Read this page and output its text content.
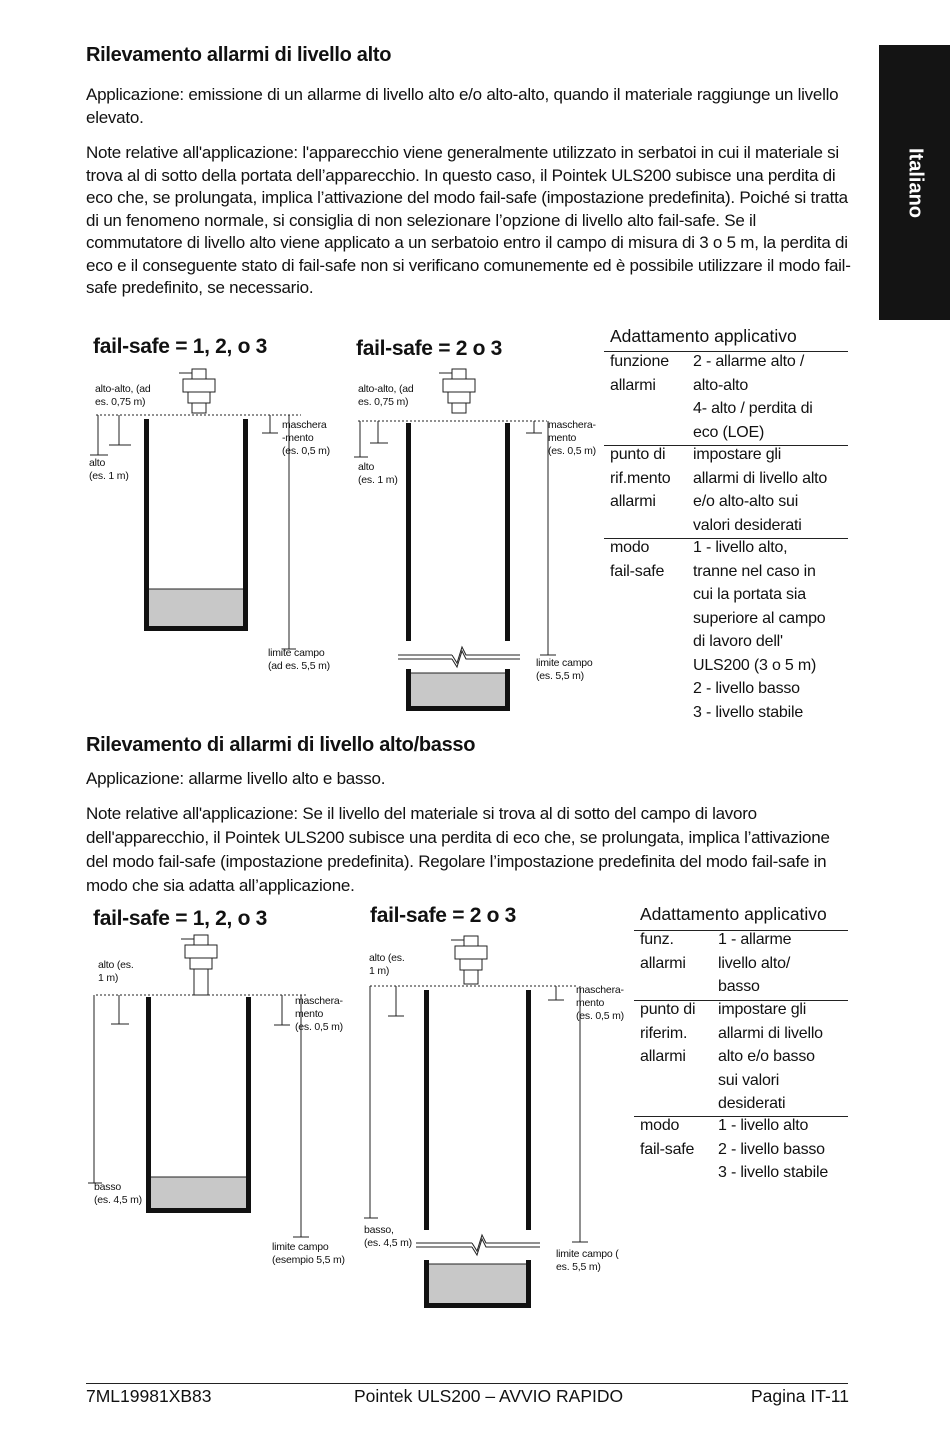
Italiano
Rilevamento allarmi di livello alto
Applicazione: emissione di un allarme di livello alto e/o alto-alto, quando il materiale raggiunge un livello elevato.
Note relative all'applicazione: l'apparecchio viene generalmente utilizzato in serbatoi in cui il materiale si trova al di sotto della portata dell’apparecchio. In questo caso, il Pointek ULS200 subisce una perdita di eco che, se prolungata, implica l’attivazione del modo fail-safe (impostazione predefinita). Poiché si tratta di un fenomeno normale, si consiglia di non selezionare l’opzione di livello alto fail-safe. Se il commutatore di livello alto viene applicato a un serbatoio entro il campo di misura di 3 o 5 m, la perdita di eco e il conseguente stato di fail-safe non si verificano comunemente ed è possibile utilizzare il modo fail-safe predefinito, se necessario.
fail-safe = 1, 2, o 3
alto-alto, (ad
es. 0,75 m)
alto
(es. 1 m)
maschera
-mento
(es. 0,5 m)
limite campo
(ad es. 5,5 m)
fail-safe = 2 o 3
alto-alto, (ad
es. 0,75 m)
alto
(es. 1 m)
maschera-
mento
(es. 0,5 m)
limite campo
(es. 5,5 m)
Adattamento applicativo
funzione
allarmi
2 - allarme alto /
alto-alto
4- alto / perdita di
eco (LOE)
punto di
rif.mento
allarmi
impostare gli
allarmi di livello alto
e/o alto-alto sui
valori desiderati
modo
fail-safe
1 - livello alto,
tranne nel caso in
cui la portata sia
superiore al campo
di lavoro dell'
ULS200 (3 o 5 m)
2 - livello basso
3 - livello stabile
Rilevamento di allarmi di livello alto/basso
Applicazione: allarme livello alto e basso.
Note relative all'applicazione: Se il livello del materiale si trova al di sotto del campo di lavoro dell'apparecchio, il Pointek ULS200 subisce una perdita di eco che, se prolungata, implica l’attivazione del modo fail-safe (impostazione predefinita). Regolare l’impostazione predefinita del modo fail-safe in modo che sia adatta all’applicazione.
fail-safe = 1, 2, o 3
alto (es.
1 m)
basso
(es. 4,5 m)
maschera-
mento
(es. 0,5 m)
limite campo
(esempio 5,5 m)
fail-safe = 2 o 3
alto (es.
1 m)
basso,
(es. 4,5 m)
maschera-
mento
(es. 0,5 m)
limite campo (
es. 5,5 m)
Adattamento applicativo
funz.
allarmi
1 - allarme
livello alto/
basso
punto di
riferim.
allarmi
impostare gli
allarmi di livello
alto e/o basso
sui valori
desiderati
modo
fail-safe
1 - livello alto
2 - livello basso
3 - livello stabile
7ML19981XB83	Pointek ULS200 – AVVIO RAPIDO	Pagina IT-11
